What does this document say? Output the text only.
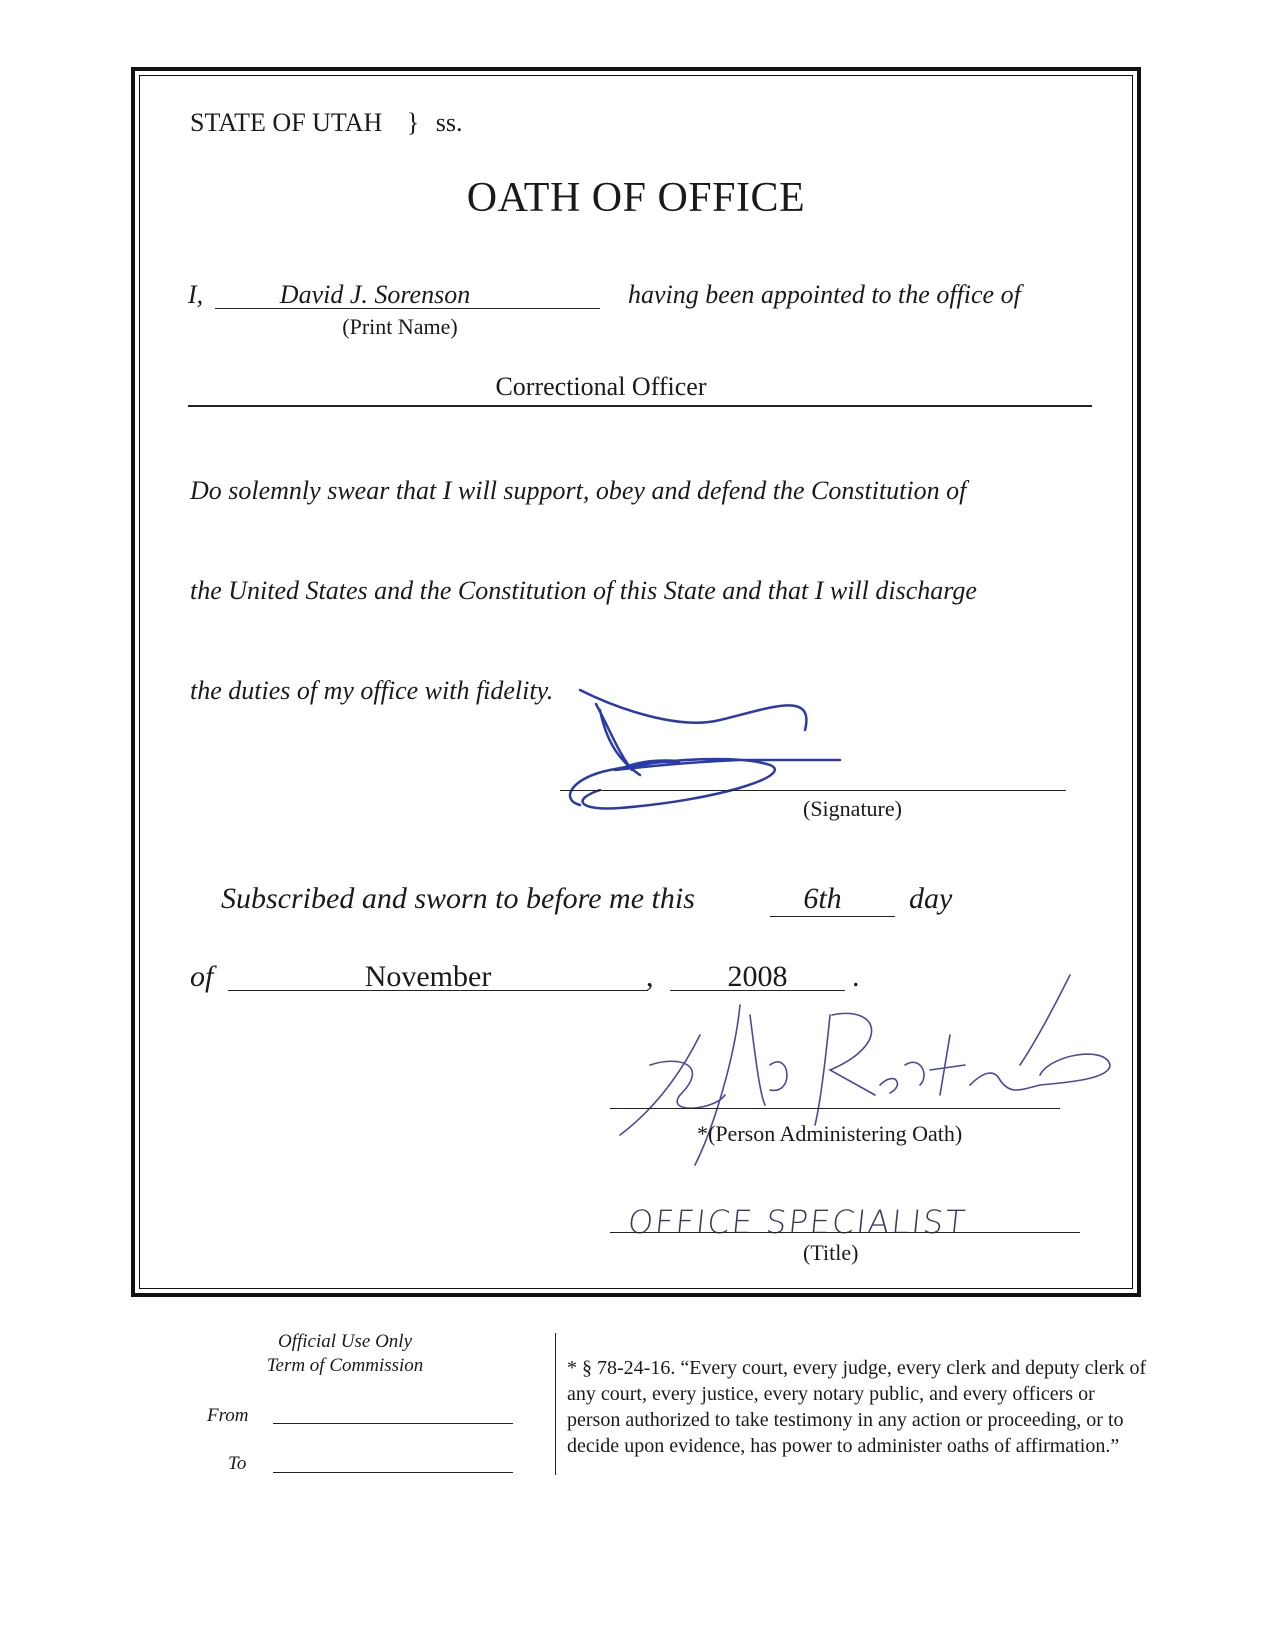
STATE OF UTAH } ss.
OATH OF OFFICE
I,	David J. Sorenson
(Print Name)
having been appointed to the office of
Correctional Officer
Do solemnly swear that I will support, obey and defend the Constitution of
the United States and the Constitution of this State and that I will discharge
the duties of my office with fidelity.
(Signature)
Subscribed and sworn to before me this	6th	day
of	November	,	2008	.
*(Person Administering Oath)
OFFICE SPECIALIST
(Title)
Official Use Only
Term of Commission
From
To
* § 78-24-16. “Every court, every judge, every clerk and deputy clerk of any court, every justice, every notary public, and every officers or person authorized to take testimony in any action or proceeding, or to decide upon evidence, has power to administer oaths of affirmation.”
